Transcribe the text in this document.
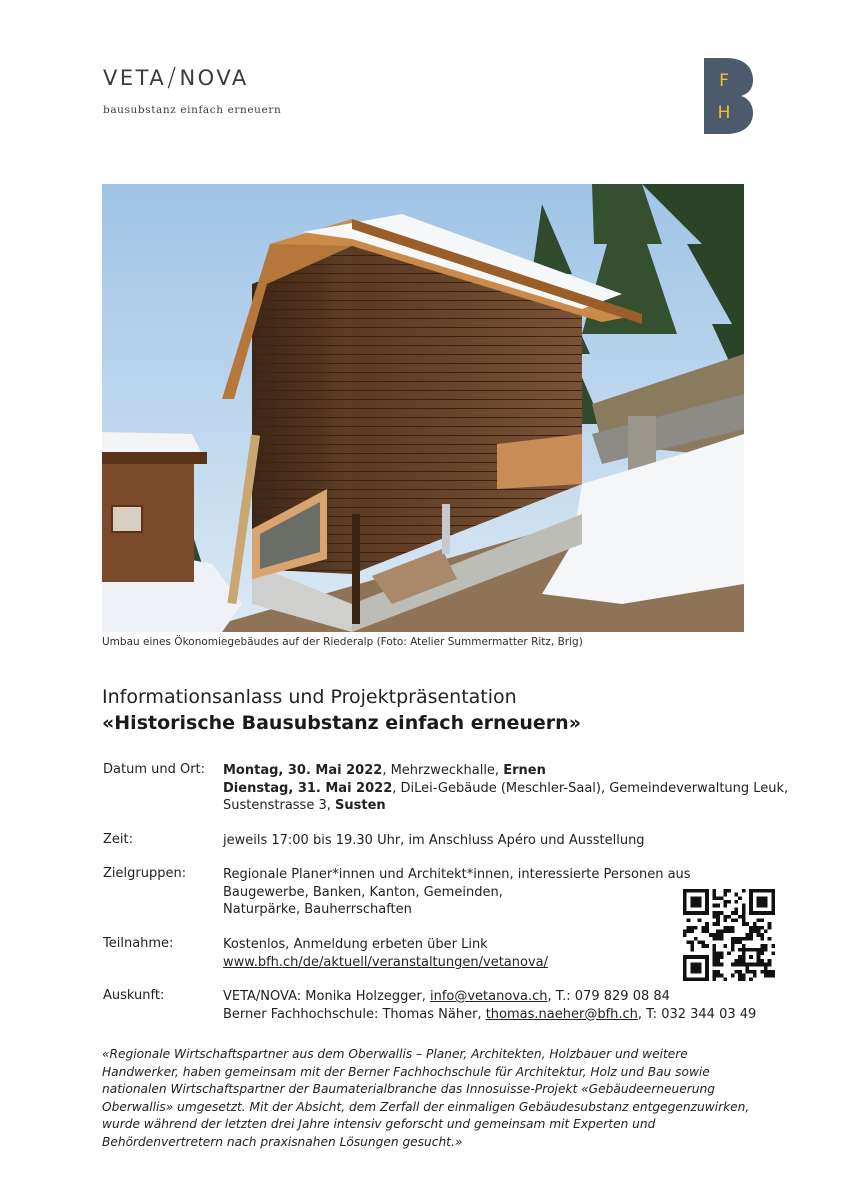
VETA/NOVA
bausubstanz einfach erneuern
F
H
Umbau eines Ökonomiegebäudes auf der Riederalp (Foto: Atelier Summermatter Ritz, Brig)
Informationsanlass und Projektpräsentation
«Historische Bausubstanz einfach erneuern»
Datum und Ort: Montag, 30. Mai 2022, Mehrzweckhalle, Ernen
Dienstag, 31. Mai 2022, DiLei-Gebäude (Meschler-Saal), Gemeindeverwaltung Leuk,
Sustenstrasse 3, Susten
Zeit:	jeweils 17:00 bis 19.30 Uhr, im Anschluss Apéro und Ausstellung
Zielgruppen:	Regionale Planer*innen und Architekt*innen, interessierte Personen aus
Baugewerbe, Banken, Kanton, Gemeinden,
Naturpärke, Bauherrschaften
Teilnahme:	Kostenlos, Anmeldung erbeten über Link
www.bfh.ch/de/aktuell/veranstaltungen/vetanova/
Auskunft:	VETA/NOVA: Monika Holzegger, info@vetanova.ch, T.: 079 829 08 84
Berner Fachhochschule: Thomas Näher, thomas.naeher@bfh.ch, T: 032 344 03 49
«Regionale Wirtschaftspartner aus dem Oberwallis – Planer, Architekten, Holzbauer und weitere Handwerker, haben gemeinsam mit der Berner Fachhochschule für Architektur, Holz und Bau sowie nationalen Wirtschaftspartner der Baumaterialbranche das Innosuisse-Projekt «Gebäudeerneuerung Oberwallis» umgesetzt. Mit der Absicht, dem Zerfall der einmaligen Gebäudesubstanz entgegenzuwirken, wurde während der letzten drei Jahre intensiv geforscht und gemeinsam mit Experten und Behördenvertretern nach praxisnahen Lösungen gesucht.»
